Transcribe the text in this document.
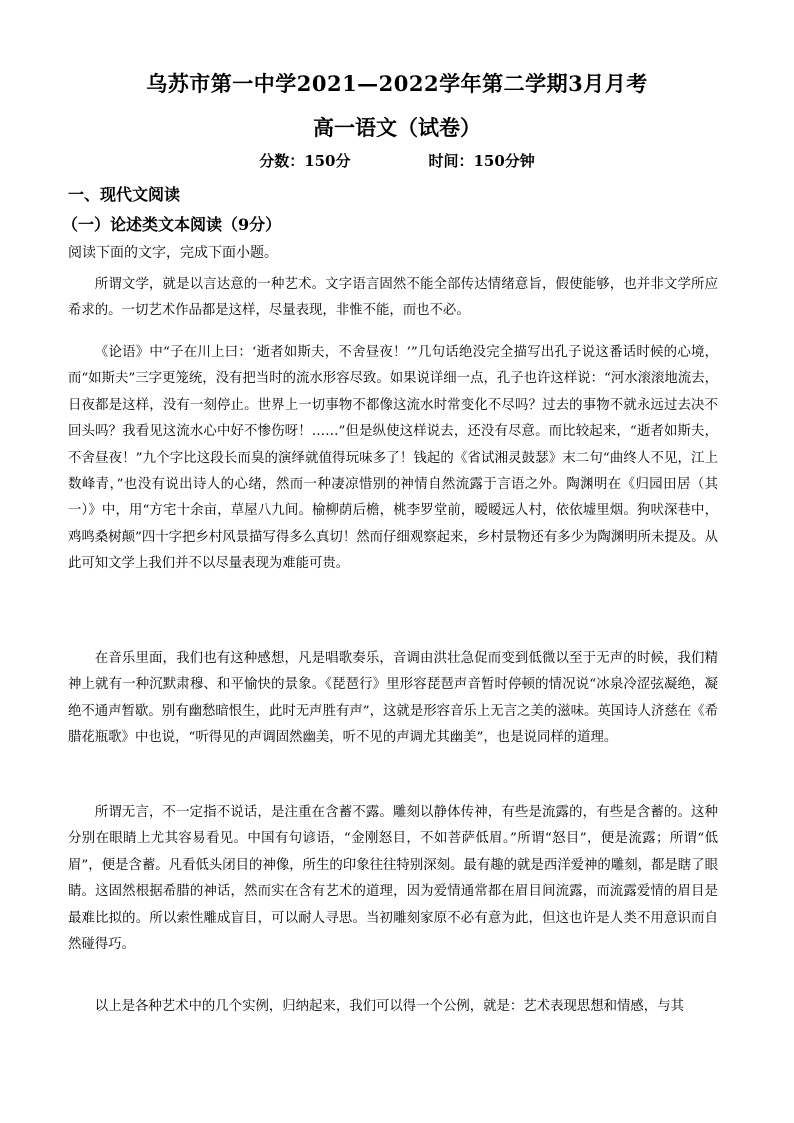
乌苏市第一中学2021—2022学年第二学期3月月考
高一语文（试卷）
分数：150分	时间：150分钟
一、现代文阅读
（一）论述类文本阅读（9分）
阅读下面的文字，完成下面小题。

所谓文学，就是以言达意的一种艺术。文字语言固然不能全部传达情绪意旨，假使能够，也并非文学所应希求的。一切艺术作品都是这样，尽量表现，非惟不能，而也不必。

《论语》中“子在川上曰：‘逝者如斯夫，不舍昼夜！’”几句话绝没完全描写出孔子说这番话时候的心境，而“如斯夫”三字更笼统，没有把当时的流水形容尽致。如果说详细一点，孔子也许这样说：“河水滚滚地流去，日夜都是这样，没有一刻停止。世界上一切事物不都像这流水时常变化不尽吗？过去的事物不就永远过去决不回头吗？我看见这流水心中好不惨伤呀！……”但是纵使这样说去，还没有尽意。而比较起来，“逝者如斯夫，不舍昼夜！”九个字比这段长而臭的演绎就值得玩味多了！钱起的《省试湘灵鼓瑟》末二句“曲终人不见，江上数峰青，”也没有说出诗人的心绪，然而一种凄凉惜别的神情自然流露于言语之外。陶渊明在《归园田居（其一）》中，用“方宅十余亩，草屋八九间。榆柳荫后檐，桃李罗堂前，暧暧远人村，依依墟里烟。狗吠深巷中，鸡鸣桑树颠”四十字把乡村风景描写得多么真切！然而仔细观察起来，乡村景物还有多少为陶渊明所未提及。从此可知文学上我们并不以尽量表现为难能可贵。

在音乐里面，我们也有这种感想，凡是唱歌奏乐，音调由洪壮急促而变到低微以至于无声的时候，我们精神上就有一种沉默肃穆、和平愉快的景象。《琵琶行》里形容琵琶声音暂时停顿的情况说“冰泉冷涩弦凝绝，凝绝不通声暂歇。别有幽愁暗恨生，此时无声胜有声”，这就是形容音乐上无言之美的滋味。英国诗人济慈在《希腊花瓶歌》中也说，“听得见的声调固然幽美，听不见的声调尤其幽美”，也是说同样的道理。

所谓无言，不一定指不说话，是注重在含蓄不露。雕刻以静体传神，有些是流露的，有些是含蓄的。这种分别在眼睛上尤其容易看见。中国有句谚语，“金刚怒目，不如菩萨低眉。”所谓“怒目”，便是流露；所谓“低眉”，便是含蓄。凡看低头闭目的神像，所生的印象往往特别深刻。最有趣的就是西洋爱神的雕刻，都是瞎了眼睛。这固然根据希腊的神话，然而实在含有艺术的道理，因为爱情通常都在眉目间流露，而流露爱情的眉目是最难比拟的。所以索性雕成盲目，可以耐人寻思。当初雕刻家原不必有意为此，但这也许是人类不用意识而自然碰得巧。

以上是各种艺术中的几个实例，归纳起来，我们可以得一个公例，就是：艺术表现思想和情感，与其
